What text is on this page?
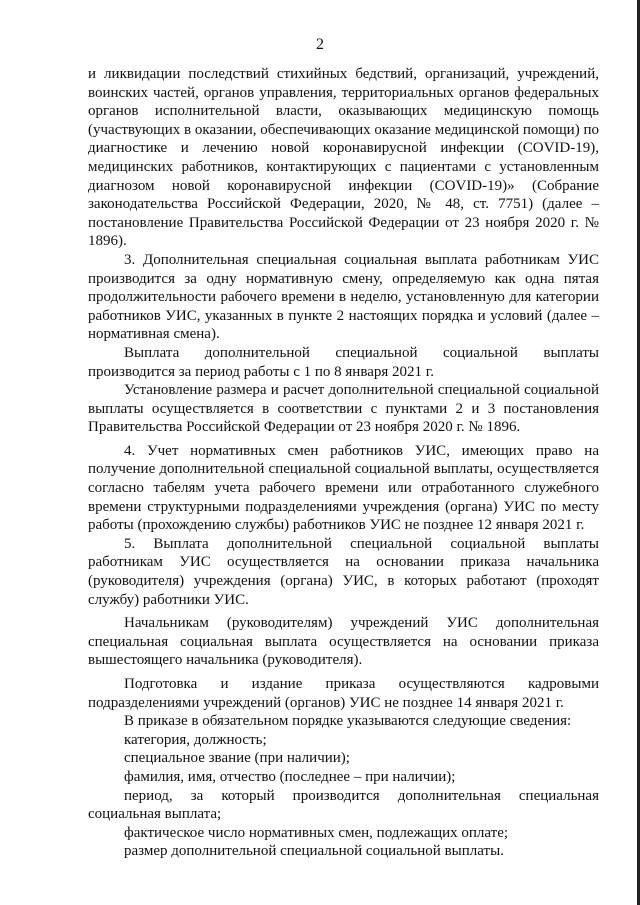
2

и ликвидации последствий стихийных бедствий, организаций, учреждений, воинских частей, органов управления, территориальных органов федеральных органов исполнительной власти, оказывающих медицинскую помощь (участвующих в оказании, обеспечивающих оказание медицинской помощи) по диагностике и лечению новой коронавирусной инфекции (COVID-19), медицинских работников, контактирующих с пациентами с установленным диагнозом новой коронавирусной инфекции (COVID-19)» (Собрание законодательства Российской Федерации, 2020, № 48, ст. 7751) (далее – постановление Правительства Российской Федерации от 23 ноября 2020 г. № 1896).

3. Дополнительная специальная социальная выплата работникам УИС производится за одну нормативную смену, определяемую как одна пятая продолжительности рабочего времени в неделю, установленную для категории работников УИС, указанных в пункте 2 настоящих порядка и условий (далее – нормативная смена).

Выплата дополнительной специальной социальной выплаты производится за период работы с 1 по 8 января 2021 г.

Установление размера и расчет дополнительной специальной социальной выплаты осуществляется в соответствии с пунктами 2 и 3 постановления Правительства Российской Федерации от 23 ноября 2020 г. № 1896.

4. Учет нормативных смен работников УИС, имеющих право на получение дополнительной специальной социальной выплаты, осуществляется согласно табелям учета рабочего времени или отработанного служебного времени структурными подразделениями учреждения (органа) УИС по месту работы (прохождению службы) работников УИС не позднее 12 января 2021 г.

5. Выплата дополнительной специальной социальной выплаты работникам УИС осуществляется на основании приказа начальника (руководителя) учреждения (органа) УИС, в которых работают (проходят службу) работники УИС.

Начальникам (руководителям) учреждений УИС дополнительная специальная социальная выплата осуществляется на основании приказа вышестоящего начальника (руководителя).

Подготовка и издание приказа осуществляются кадровыми подразделениями учреждений (органов) УИС не позднее 14 января 2021 г.

В приказе в обязательном порядке указываются следующие сведения:

категория, должность;

специальное звание (при наличии);

фамилия, имя, отчество (последнее – при наличии);

период, за который производится дополнительная специальная социальная выплата;

фактическое число нормативных смен, подлежащих оплате;

размер дополнительной специальной социальной выплаты.
